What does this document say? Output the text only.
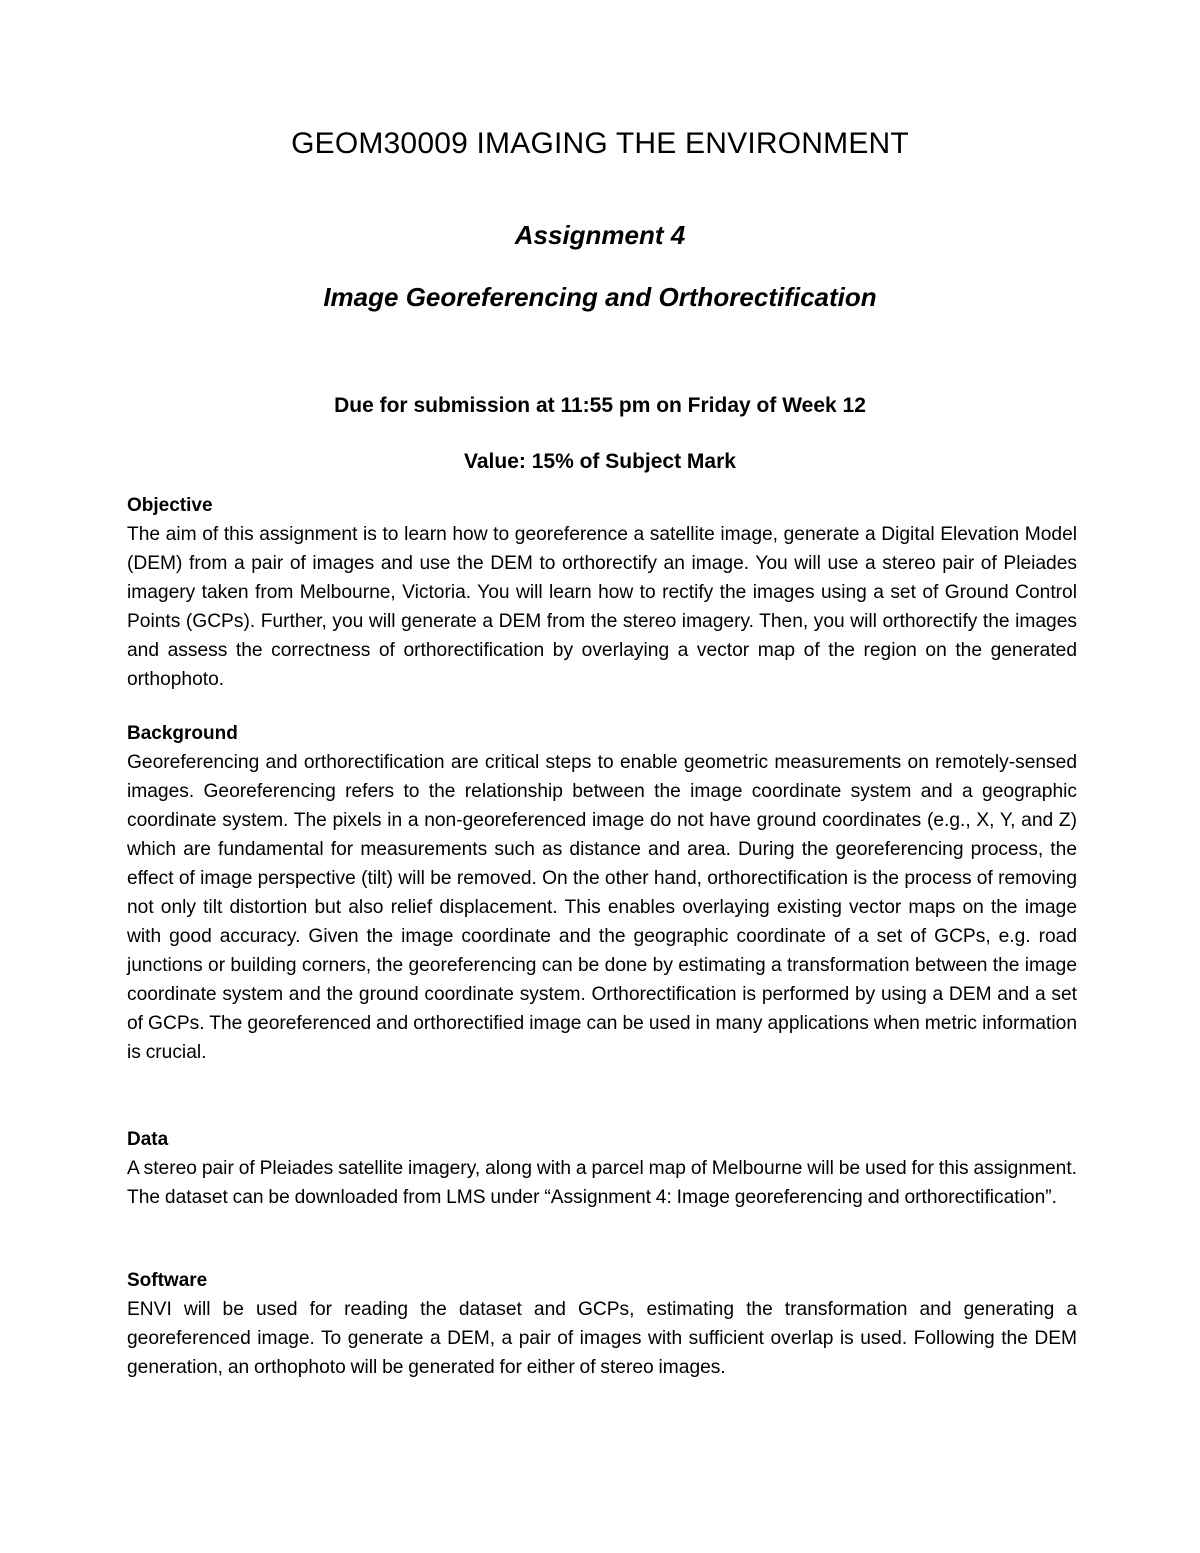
GEOM30009 IMAGING THE ENVIRONMENT
Assignment 4
Image Georeferencing and Orthorectification

Due for submission at 11:55 pm on Friday of Week 12

Value: 15% of Subject Mark

Objective

The aim of this assignment is to learn how to georeference a satellite image, generate a Digital Elevation Model (DEM) from a pair of images and use the DEM to orthorectify an image. You will use a stereo pair of Pleiades imagery taken from Melbourne, Victoria. You will learn how to rectify the images using a set of Ground Control Points (GCPs). Further, you will generate a DEM from the stereo imagery. Then, you will orthorectify the images and assess the correctness of orthorectification by overlaying a vector map of the region on the generated orthophoto.

Background

Georeferencing and orthorectification are critical steps to enable geometric measurements on remotely-sensed images. Georeferencing refers to the relationship between the image coordinate system and a geographic coordinate system. The pixels in a non-georeferenced image do not have ground coordinates (e.g., X, Y, and Z) which are fundamental for measurements such as distance and area. During the georeferencing process, the effect of image perspective (tilt) will be removed. On the other hand, orthorectification is the process of removing not only tilt distortion but also relief displacement. This enables overlaying existing vector maps on the image with good accuracy. Given the image coordinate and the geographic coordinate of a set of GCPs, e.g. road junctions or building corners, the georeferencing can be done by estimating a transformation between the image coordinate system and the ground coordinate system. Orthorectification is performed by using a DEM and a set of GCPs. The georeferenced and orthorectified image can be used in many applications when metric information is crucial.

Data

A stereo pair of Pleiades satellite imagery, along with a parcel map of Melbourne will be used for this assignment. The dataset can be downloaded from LMS under “Assignment 4: Image georeferencing and orthorectification”.

Software

ENVI will be used for reading the dataset and GCPs, estimating the transformation and generating a georeferenced image. To generate a DEM, a pair of images with sufficient overlap is used. Following the DEM generation, an orthophoto will be generated for either of stereo images.
